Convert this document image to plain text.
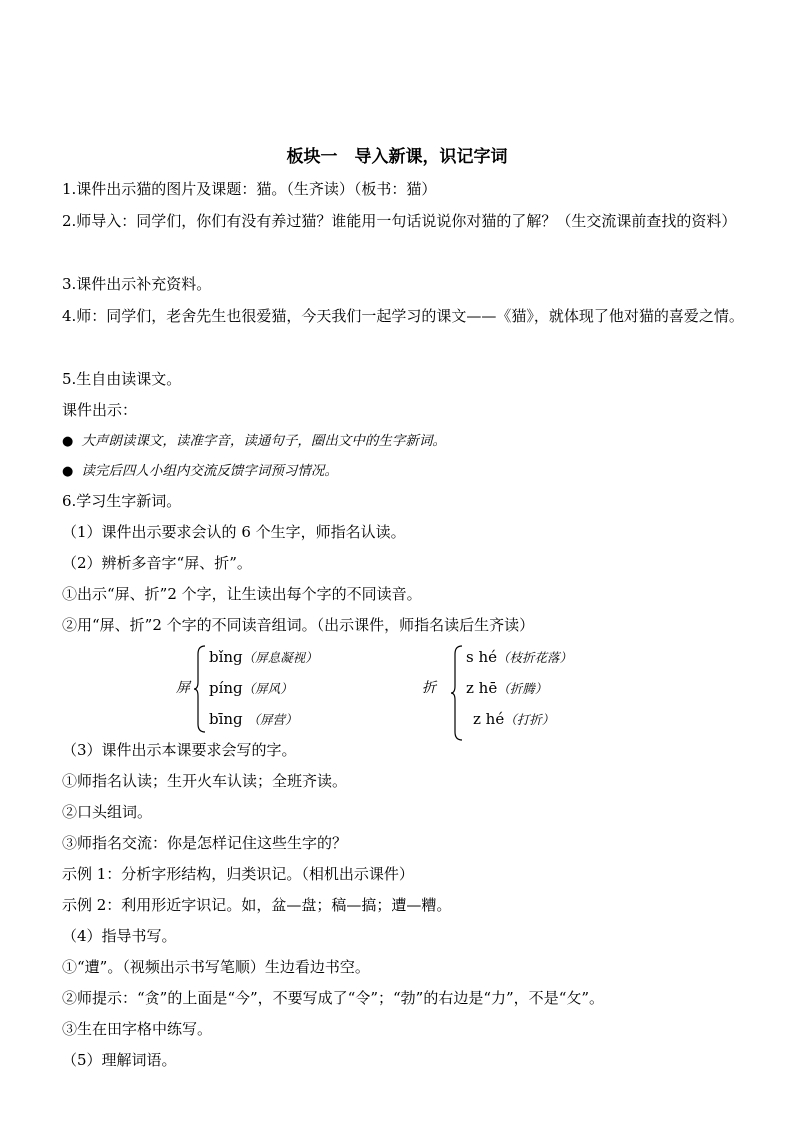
板块一　导入新课，识记字词
1.课件出示猫的图片及课题：猫。（生齐读）（板书：猫）
2.师导入：同学们，你们有没有养过猫？谁能用一句话说说你对猫的了解？（生交流课前查找的资料）
3.课件出示补充资料。
4.师：同学们，老舍先生也很爱猫，今天我们一起学习的课文——《猫》，就体现了他对猫的喜爱之情。
5.生自由读课文。
课件出示：
● 大声朗读课文，读准字音，读通句子，圈出文中的生字新词。
● 读完后四人小组内交流反馈字词预习情况。
6.学习生字新词。
（1）课件出示要求会认的 6 个生字，师指名认读。
（2）辨析多音字“屏、折”。
①出示“屏、折”2 个字，让生读出每个字的不同读音。
②用“屏、折”2 个字的不同读音组词。（出示课件，师指名读后生齐读）
屏
bǐnɡ（屏息凝视）
pínɡ（屏风）
bīnɡ （屏营）
折
s hé（枝折花落）
z hē（折腾）
z hé（打折）
（3）课件出示本课要求会写的字。
①师指名认读；生开火车认读；全班齐读。
②口头组词。
③师指名交流：你是怎样记住这些生字的？
示例 1：分析字形结构，归类识记。（相机出示课件）
示例 2：利用形近字识记。如，盆—盘；稿—搞；遭—糟。
（4）指导书写。
①“遭”。（视频出示书写笔顺）生边看边书空。
②师提示：“贪”的上面是“今”，不要写成了“令”；“勃”的右边是“力”，不是“攵”。
③生在田字格中练写。
（5）理解词语。
